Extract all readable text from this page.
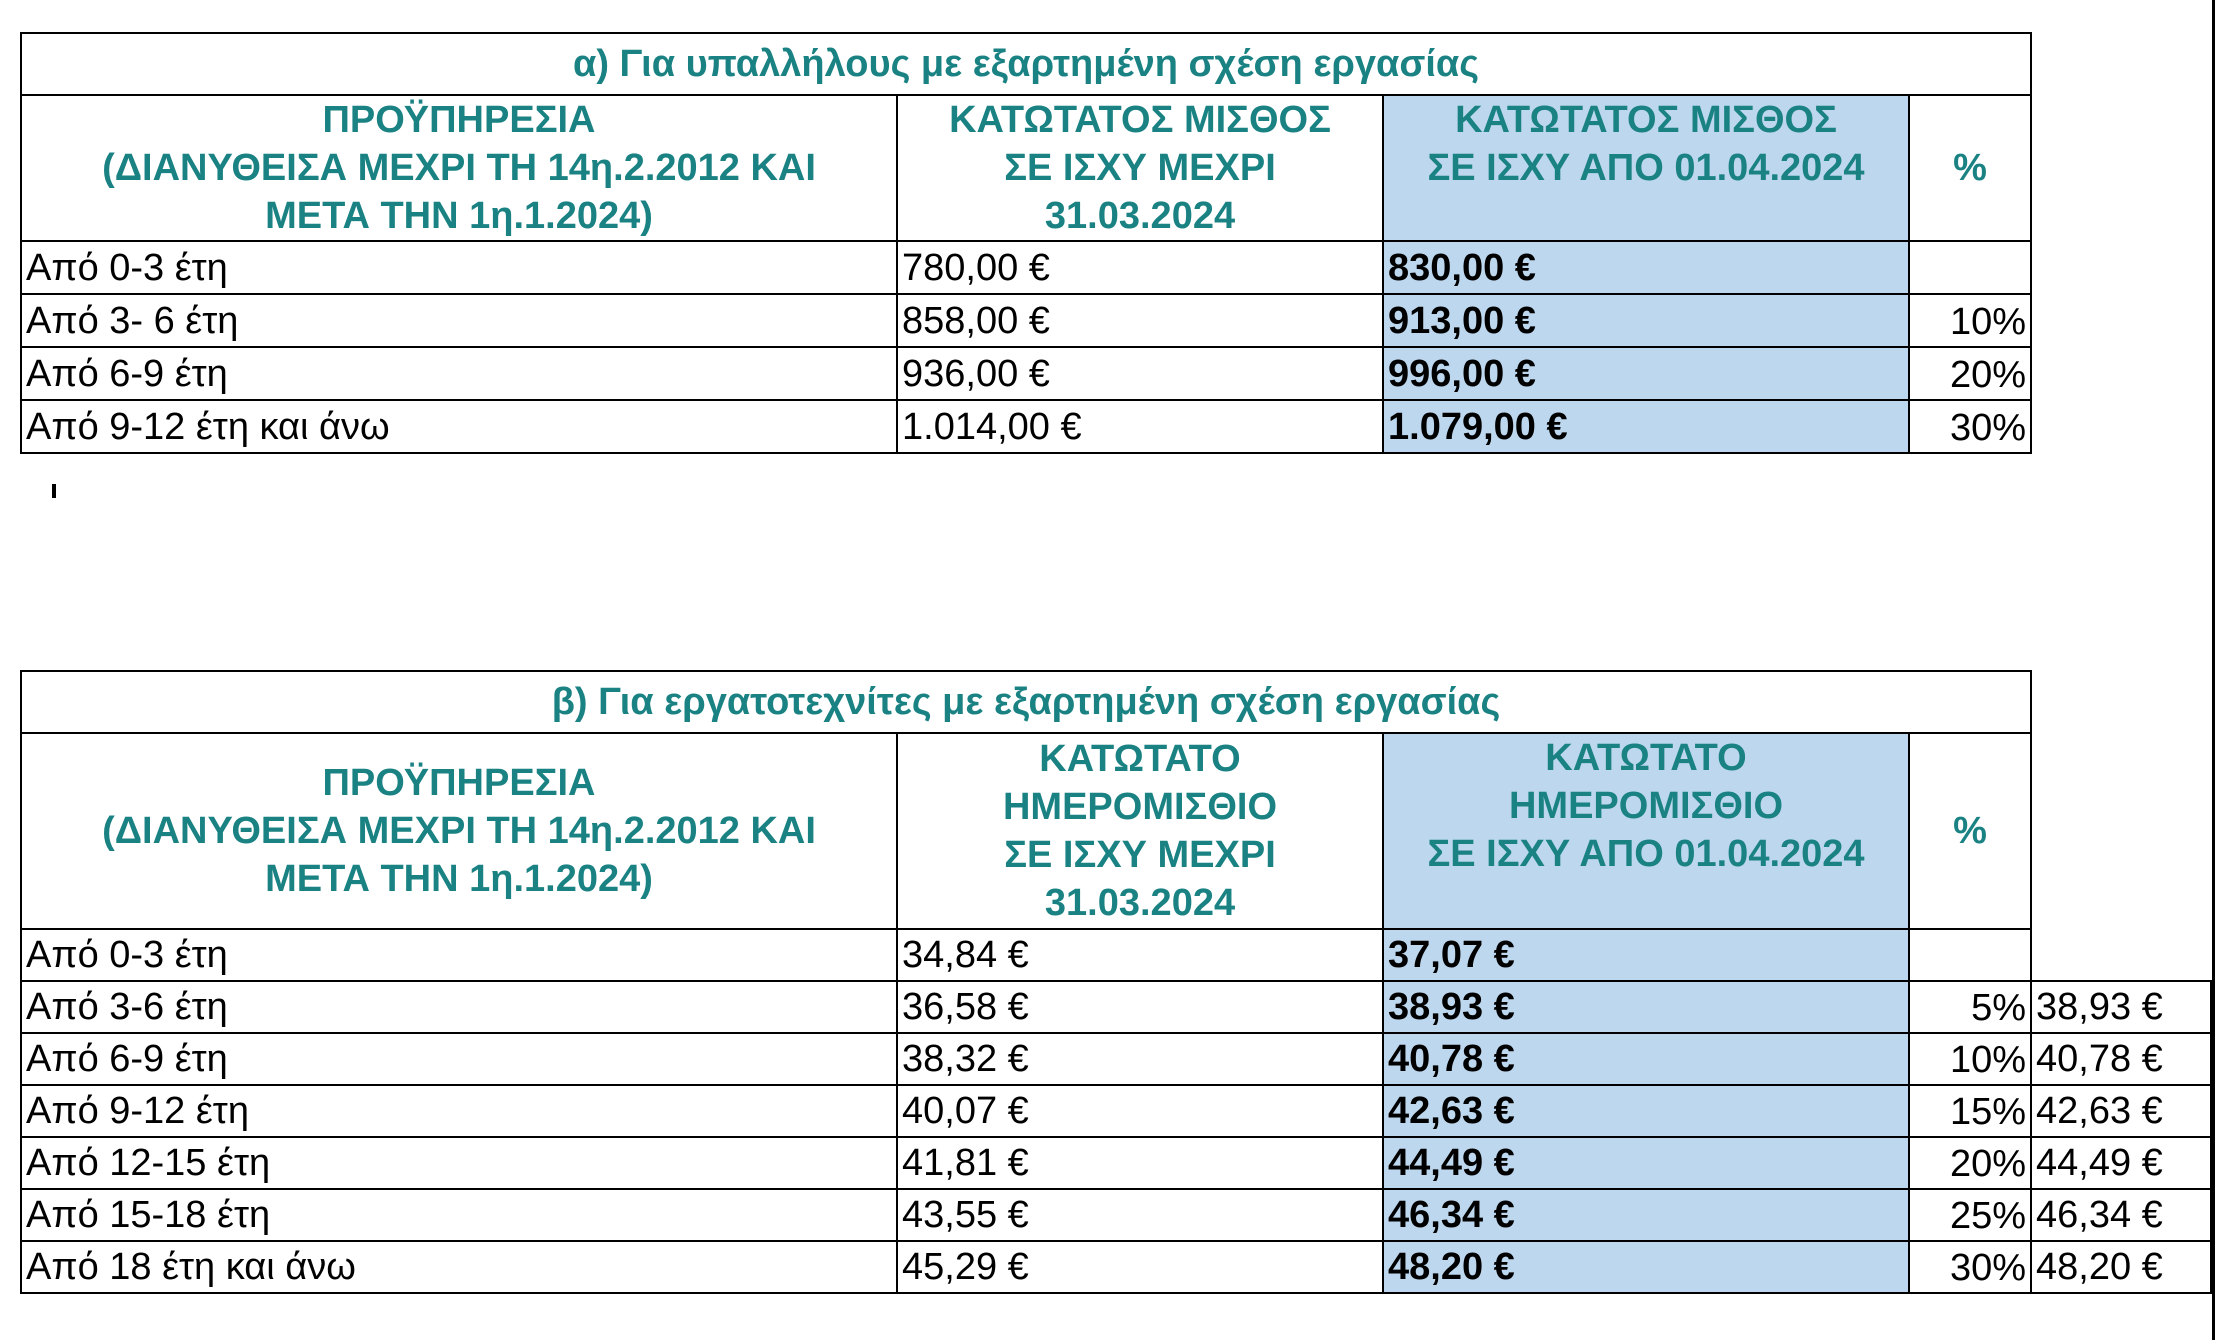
α) Για υπαλλήλους με εξαρτημένη σχέση εργασίας			

ΠΡΟΫΠΗΡΕΣΙΑ
(ΔΙΑΝΥΘΕΙΣΑ ΜΕΧΡΙ ΤΗ 14η.2.2012 ΚΑΙ
ΜΕΤΑ ΤΗΝ 1η.1.2024)	ΚΑΤΩΤΑΤΟΣ ΜΙΣΘΟΣ
ΣΕ ΙΣΧΥ ΜΕΧΡΙ
31.03.2024	ΚΑΤΩΤΑΤΟΣ ΜΙΣΘΟΣ
ΣΕ ΙΣΧΥ ΑΠΟ 01.04.2024	%
Από 0-3 έτη	780,00 €	830,00 €	
Από 3- 6 έτη	858,00 €	913,00 €	10%
Από 6-9 έτη	936,00 €	996,00 €	20%
Από 9-12 έτη και άνω	1.014,00 €	1.079,00 €	30%
β) Για εργατοτεχνίτες με εξαρτημένη σχέση εργασίας				

ΠΡΟΫΠΗΡΕΣΙΑ
(ΔΙΑΝΥΘΕΙΣΑ ΜΕΧΡΙ ΤΗ 14η.2.2012 ΚΑΙ
ΜΕΤΑ ΤΗΝ 1η.1.2024)	ΚΑΤΩΤΑΤΟ
ΗΜΕΡΟΜΙΣΘΙΟ
ΣΕ ΙΣΧΥ ΜΕΧΡΙ
31.03.2024	ΚΑΤΩΤΑΤΟ
ΗΜΕΡΟΜΙΣΘΙΟ
ΣΕ ΙΣΧΥ ΑΠΟ 01.04.2024	%	
Από 0-3 έτη	34,84 €	37,07 €		
Από 3-6 έτη	36,58 €	38,93 €	5%	38,93 €
Από 6-9 έτη	38,32 €	40,78 €	10%	40,78 €
Από 9-12 έτη	40,07 €	42,63 €	15%	42,63 €
Από 12-15 έτη	41,81 €	44,49 €	20%	44,49 €
Από 15-18 έτη	43,55 €	46,34 €	25%	46,34 €
Από 18 έτη και άνω	45,29 €	48,20 €	30%	48,20 €
